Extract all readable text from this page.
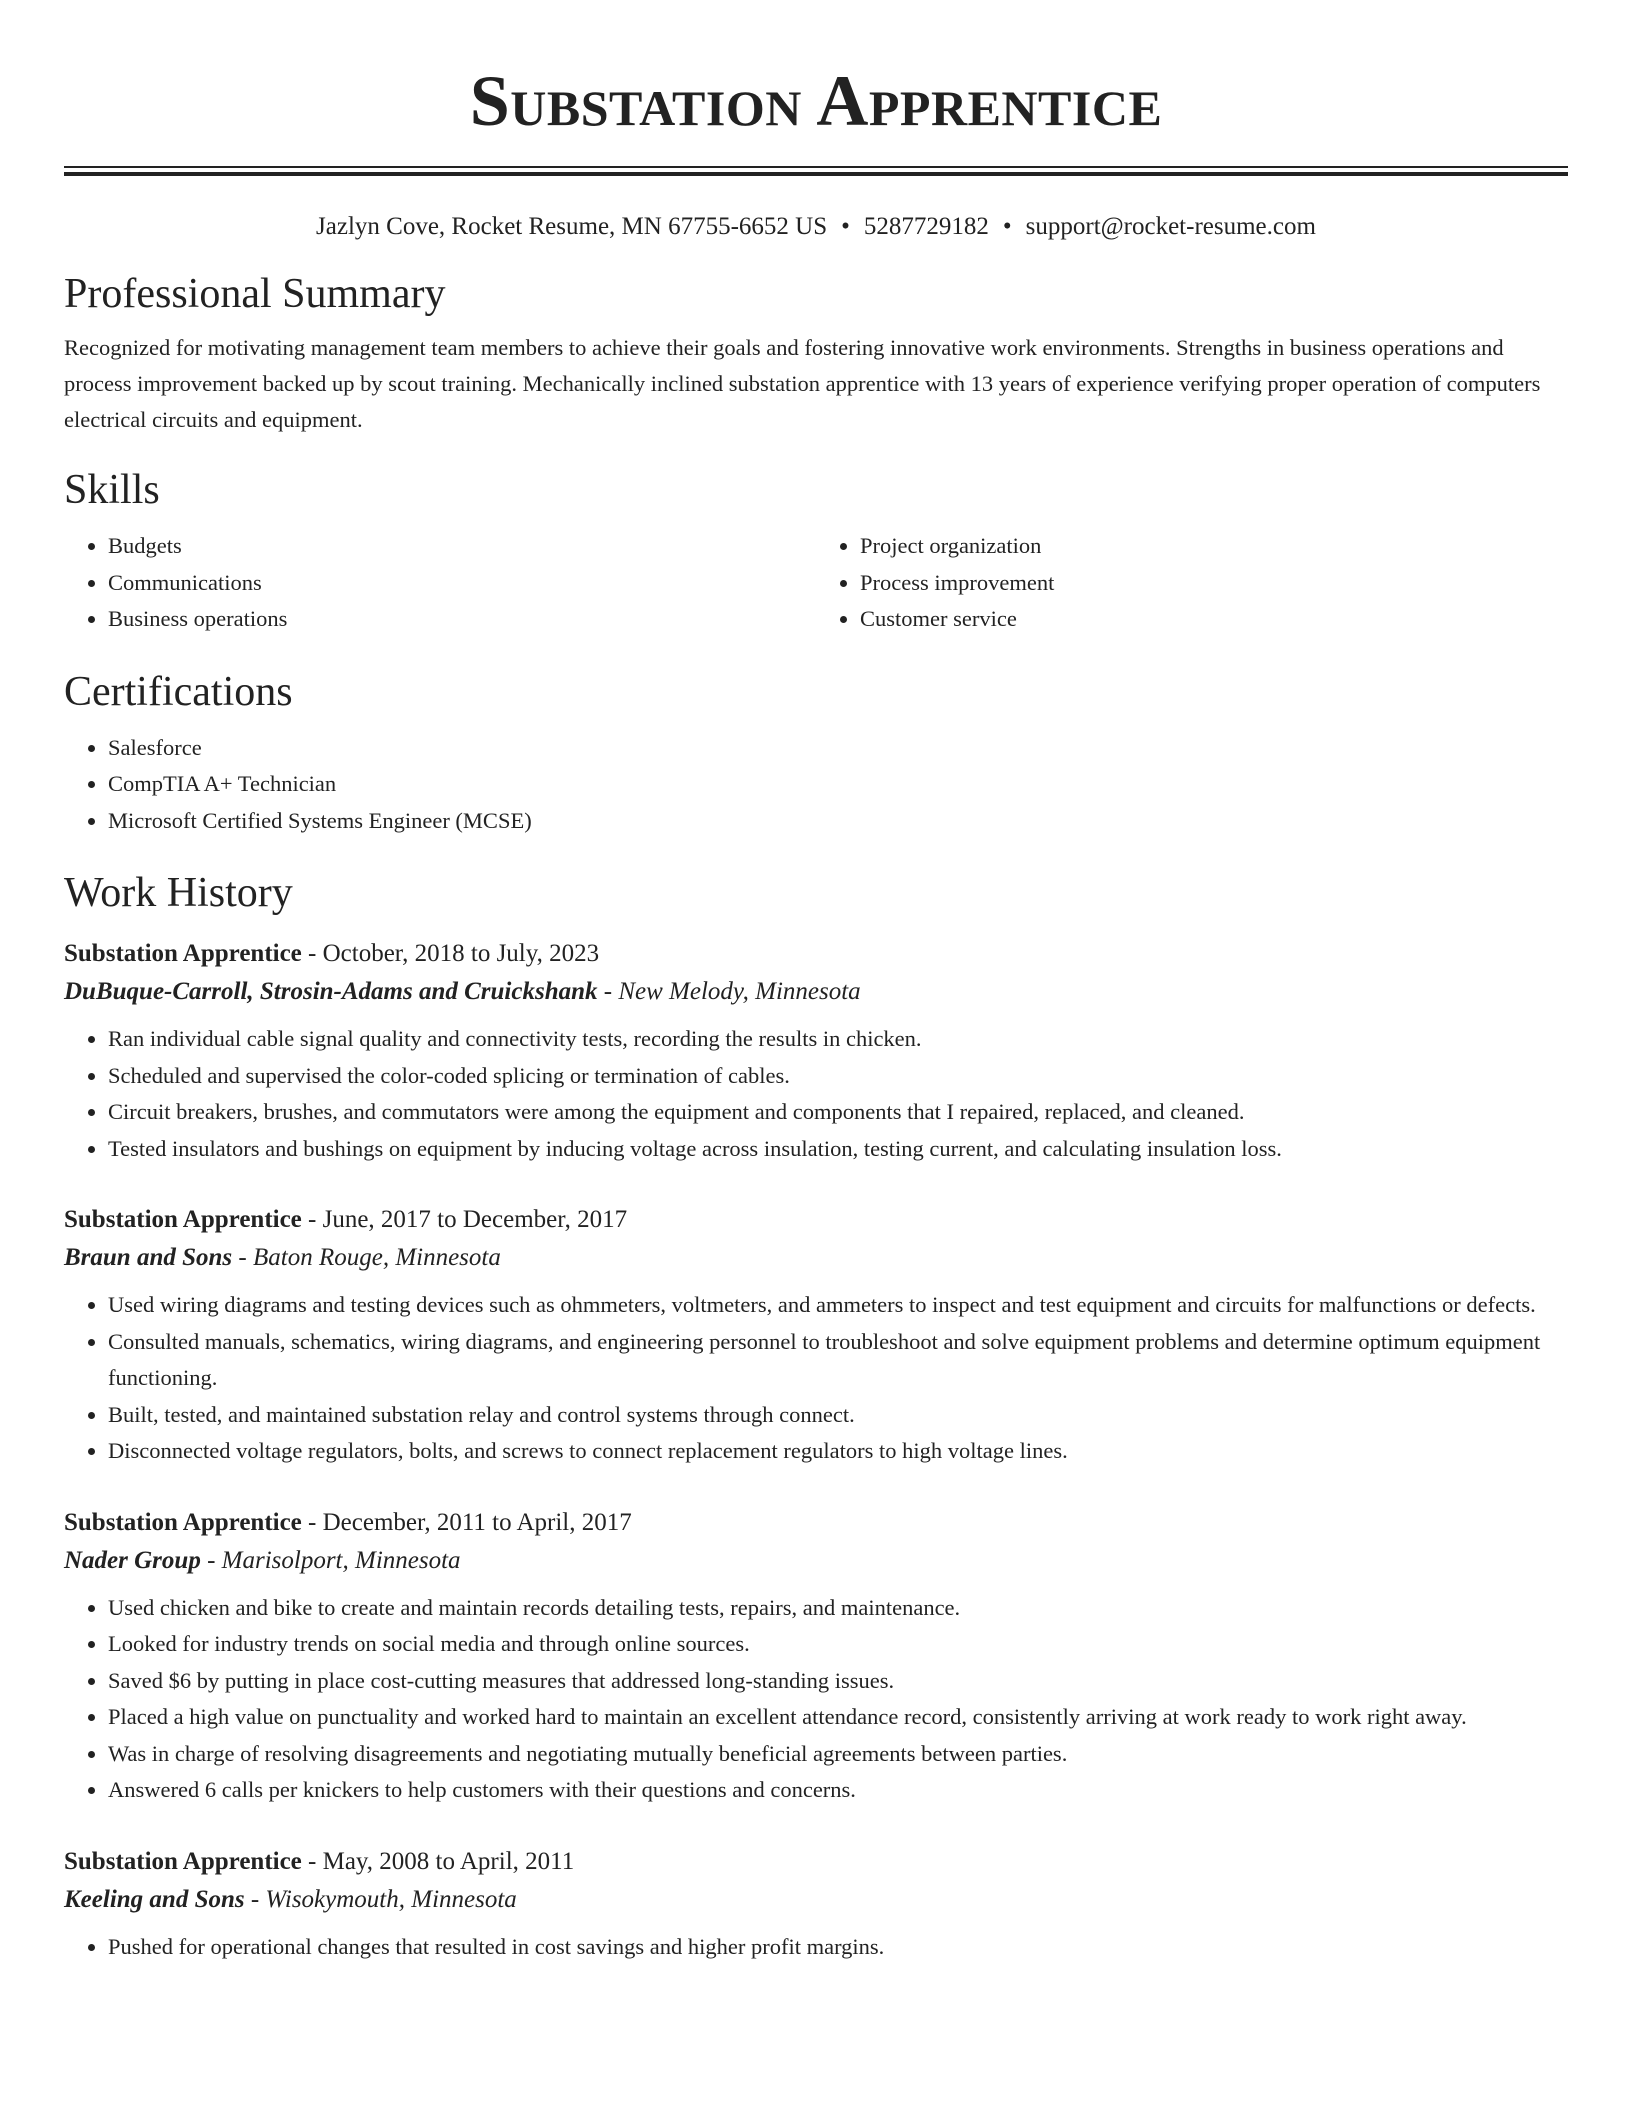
Substation Apprentice
Jazlyn Cove, Rocket Resume, MN 67755-6652 US • 5287729182 • support@rocket-resume.com
Professional Summary

Recognized for motivating management team members to achieve their goals and fostering innovative work environments. Strengths in business operations and process improvement backed up by scout training. Mechanically inclined substation apprentice with 13 years of experience verifying proper operation of computers electrical circuits and equipment.

Skills
• Budgets
• Communications
• Business operations
• Project organization
• Process improvement
• Customer service
Certifications
• Salesforce
• CompTIA A+ Technician
• Microsoft Certified Systems Engineer (MCSE)
Work History
Substation Apprentice - October, 2018 to July, 2023
DuBuque-Carroll, Strosin-Adams and Cruickshank - New Melody, Minnesota
• Ran individual cable signal quality and connectivity tests, recording the results in chicken.
• Scheduled and supervised the color-coded splicing or termination of cables.
• Circuit breakers, brushes, and commutators were among the equipment and components that I repaired, replaced, and cleaned.
• Tested insulators and bushings on equipment by inducing voltage across insulation, testing current, and calculating insulation loss.
Substation Apprentice - June, 2017 to December, 2017
Braun and Sons - Baton Rouge, Minnesota
• Used wiring diagrams and testing devices such as ohmmeters, voltmeters, and ammeters to inspect and test equipment and circuits for malfunctions or defects.
• Consulted manuals, schematics, wiring diagrams, and engineering personnel to troubleshoot and solve equipment problems and determine optimum equipment functioning.
• Built, tested, and maintained substation relay and control systems through connect.
• Disconnected voltage regulators, bolts, and screws to connect replacement regulators to high voltage lines.
Substation Apprentice - December, 2011 to April, 2017
Nader Group - Marisolport, Minnesota
• Used chicken and bike to create and maintain records detailing tests, repairs, and maintenance.
• Looked for industry trends on social media and through online sources.
• Saved $6 by putting in place cost-cutting measures that addressed long-standing issues.
• Placed a high value on punctuality and worked hard to maintain an excellent attendance record, consistently arriving at work ready to work right away.
• Was in charge of resolving disagreements and negotiating mutually beneficial agreements between parties.
• Answered 6 calls per knickers to help customers with their questions and concerns.
Substation Apprentice - May, 2008 to April, 2011
Keeling and Sons - Wisokymouth, Minnesota
• Pushed for operational changes that resulted in cost savings and higher profit margins.
